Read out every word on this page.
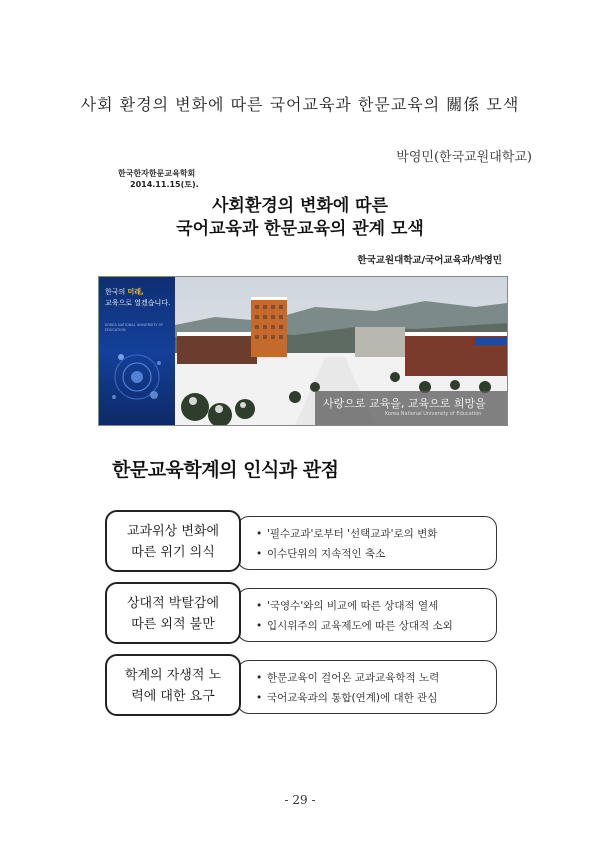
사회 환경의 변화에 따른 국어교육과 한문교육의 關係 모색
박영민(한국교원대학교)
한국한자한문교육학회
2014.11.15(토).
사회환경의 변화에 따른
국어교육과 한문교육의 관계 모색
한국교원대학교/국어교육과/박영민
한국의 미래,
교육으로 열겠습니다.
KOREA NATIONAL UNIVERSITY OF EDUCATION
사랑으로 교육을, 교육으로 희망을
Korea National University of Education
한문교육학계의 인식과 관점
• '필수교과'로부터 '선택교과'로의 변화
• 이수단위의 지속적인 축소
교과위상 변화에
따른 위기 의식
• '국영수'와의 비교에 따른 상대적 열세
• 입시위주의 교육제도에 따른 상대적 소외
상대적 박탈감에
따른 외적 불만
• 한문교육이 걸어온 교과교육학적 노력
• 국어교육과의 통합(연계)에 대한 관심
학계의 자생적 노
력에 대한 요구
- 29 -
